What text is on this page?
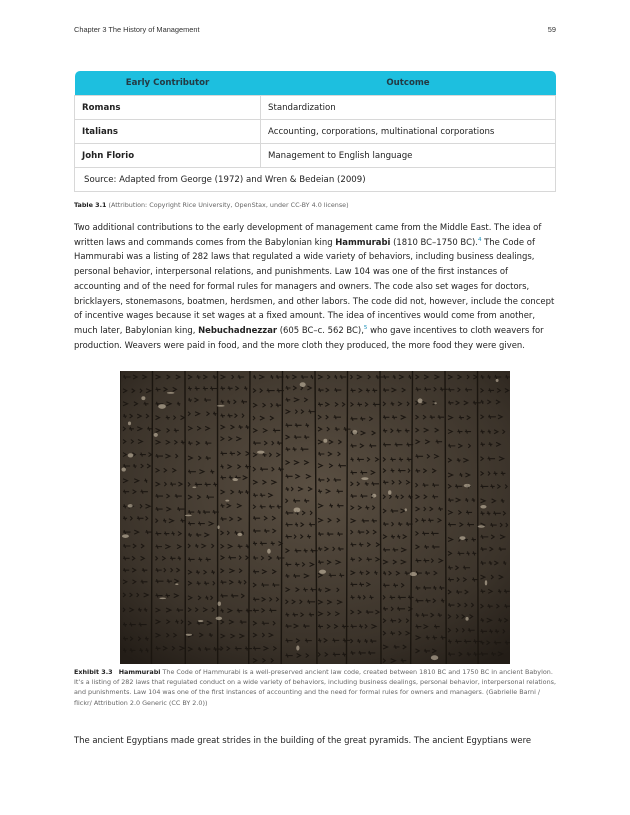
Chapter 3 The History of Management	59
Early Contributor	Outcome
Romans	Standardization
Italians	Accounting, corporations, multinational corporations
John Florio	Management to English language
Source: Adapted from George (1972) and Wren & Bedeian (2009)	
Table 3.1 (Attribution: Copyright Rice University, OpenStax, under CC-BY 4.0 license)
Two additional contributions to the early development of management came from the Middle East. The idea of written laws and commands comes from the Babylonian king Hammurabi (1810 BC–1750 BC).$^4$ The Code of Hammurabi was a listing of 282 laws that regulated a wide variety of behaviors, including business dealings, personal behavior, interpersonal relations, and punishments. Law 104 was one of the first instances of accounting and of the need for formal rules for managers and owners. The code also set wages for doctors, bricklayers, stonemasons, boatmen, herdsmen, and other labors. The code did not, however, include the concept of incentive wages because it set wages at a fixed amount. The idea of incentives would come from another, much later, Babylonian king, Nebuchadnezzar (605 BC–c. 562 BC),$^5$ who gave incentives to cloth weavers for production. Weavers were paid in food, and the more cloth they produced, the more food they were given.
Exhibit 3.3 Hammurabi The Code of Hammurabi is a well-preserved ancient law code, created between 1810 BC and 1750 BC in ancient Babylon. It’s a listing of 282 laws that regulated conduct on a wide variety of behaviors, including business dealings, personal behavior, interpersonal relations, and punishments. Law 104 was one of the first instances of accounting and the need for formal rules for owners and managers. (Gabrielle Barni / flickr/ Attribution 2.0 Generic (CC BY 2.0))
The ancient Egyptians made great strides in the building of the great pyramids. The ancient Egyptians were
